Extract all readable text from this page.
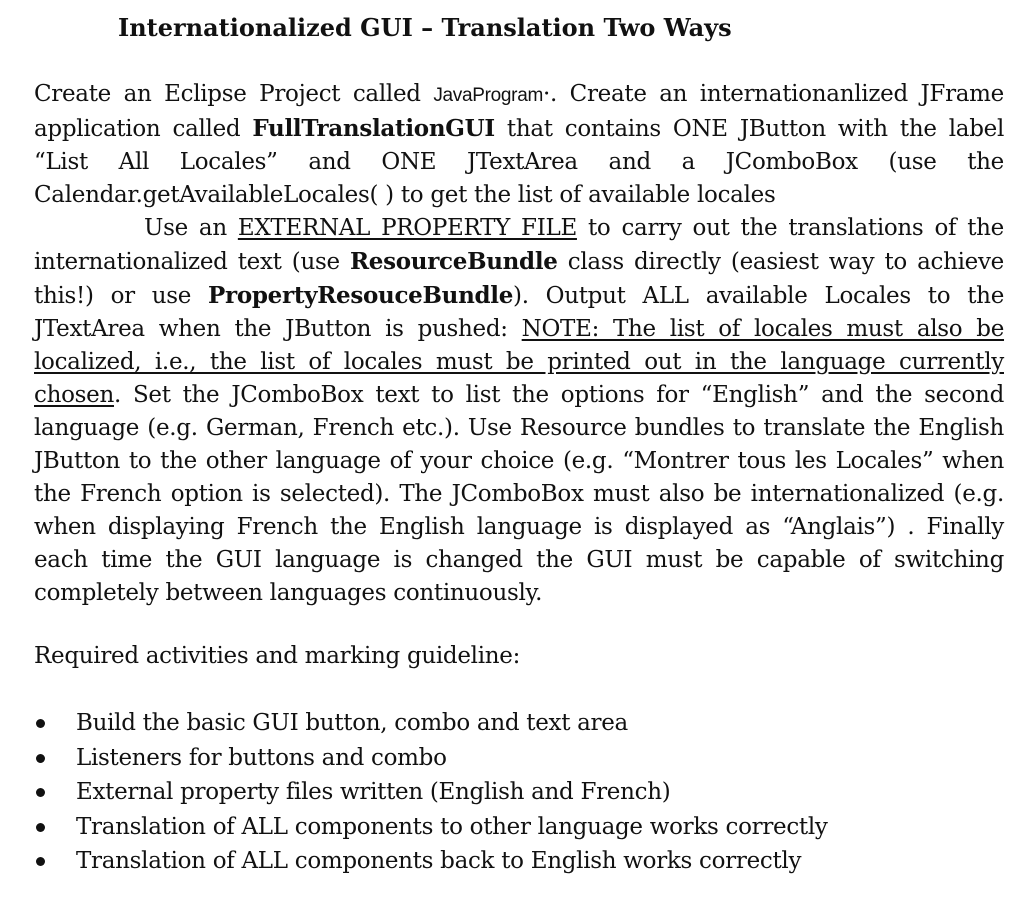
Internationalized GUI – Translation Two Ways

Create an Eclipse Project called JavaProgram·. Create an internationanlized JFrame application called FullTranslationGUI that contains ONE JButton with the label “List All Locales” and ONE JTextArea and a JComboBox (use the Calendar.getAvailableLocales( ) to get the list of available locales
Use an EXTERNAL PROPERTY FILE to carry out the translations of the internationalized text (use ResourceBundle class directly (easiest way to achieve this!) or use PropertyResouceBundle). Output ALL available Locales to the JTextArea when the JButton is pushed: NOTE: The list of locales must also be localized, i.e., the list of locales must be printed out in the language currently chosen. Set the JComboBox text to list the options for “English” and the second language (e.g. German, French etc.). Use Resource bundles to translate the English JButton to the other language of your choice (e.g. “Montrer tous les Locales” when the French option is selected). The JComboBox must also be internationalized (e.g. when displaying French the English language is displayed as “Anglais”) . Finally each time the GUI language is changed the GUI must be capable of switching completely between languages continuously.

Required activities and marking guideline:

Build the basic GUI button, combo and text area
Listeners for buttons and combo
External property files written (English and French)
Translation of ALL components to other language works correctly
Translation of ALL components back to English works correctly
